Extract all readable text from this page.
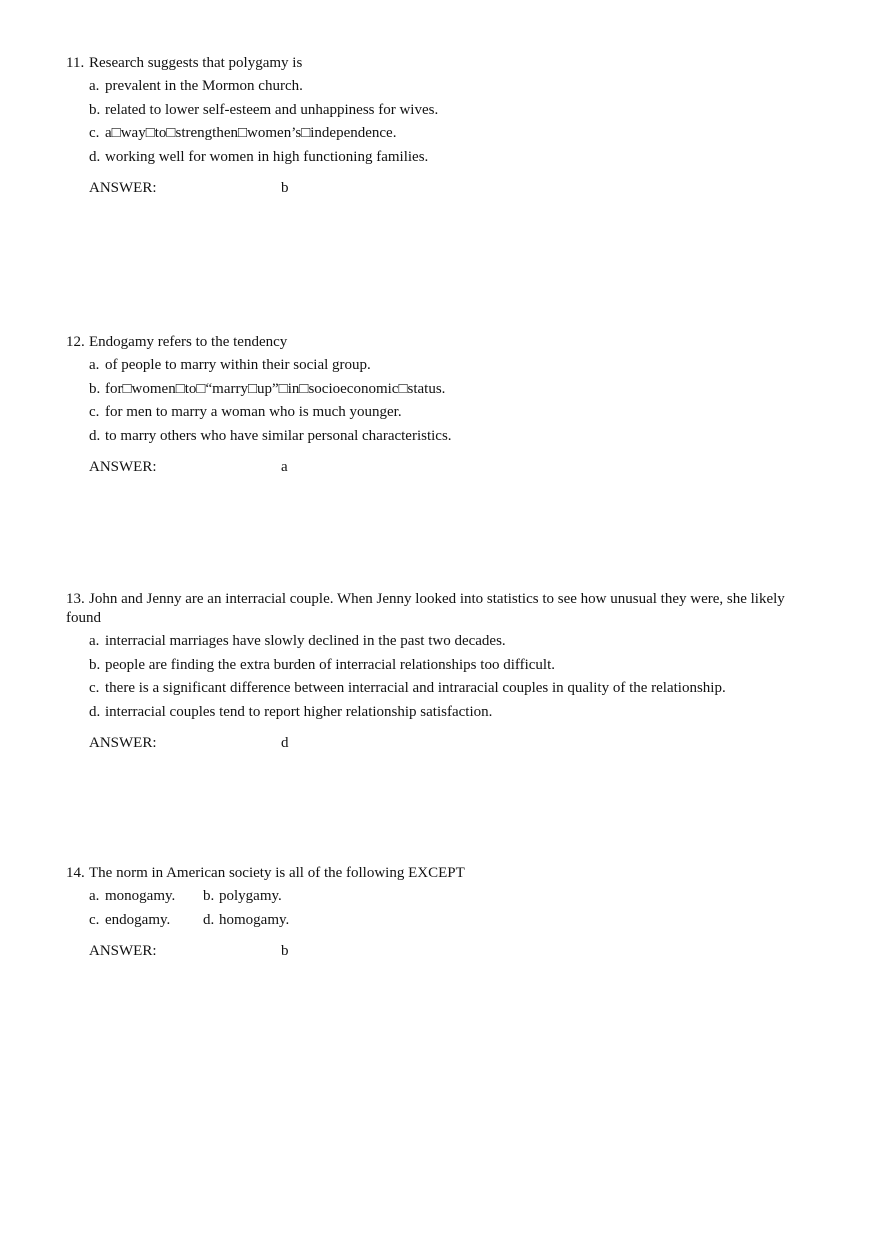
11. Research suggests that polygamy is

a. prevalent in the Mormon church.
b. related to lower self-esteem and unhappiness for wives.
c. a□way□to□strengthen□women’s□independence.
d. working well for women in high functioning families.
ANSWER:	b

12. Endogamy refers to the tendency

a. of people to marry within their social group.
b. for□women□to□“marry□up”□in□socioeconomic□status.
c. for men to marry a woman who is much younger.
d. to marry others who have similar personal characteristics.
ANSWER:	a

13. John and Jenny are an interracial couple. When Jenny looked into statistics to see how unusual they were, she likely

found

a. interracial marriages have slowly declined in the past two decades.
b. people are finding the extra burden of interracial relationships too difficult.
c. there is a significant difference between interracial and intraracial couples in quality of the relationship.
d. interracial couples tend to report higher relationship satisfaction.
ANSWER:	d

14. The norm in American society is all of the following EXCEPT

a. monogamy. b. polygamy.
c. endogamy. d. homogamy.
ANSWER:	b
